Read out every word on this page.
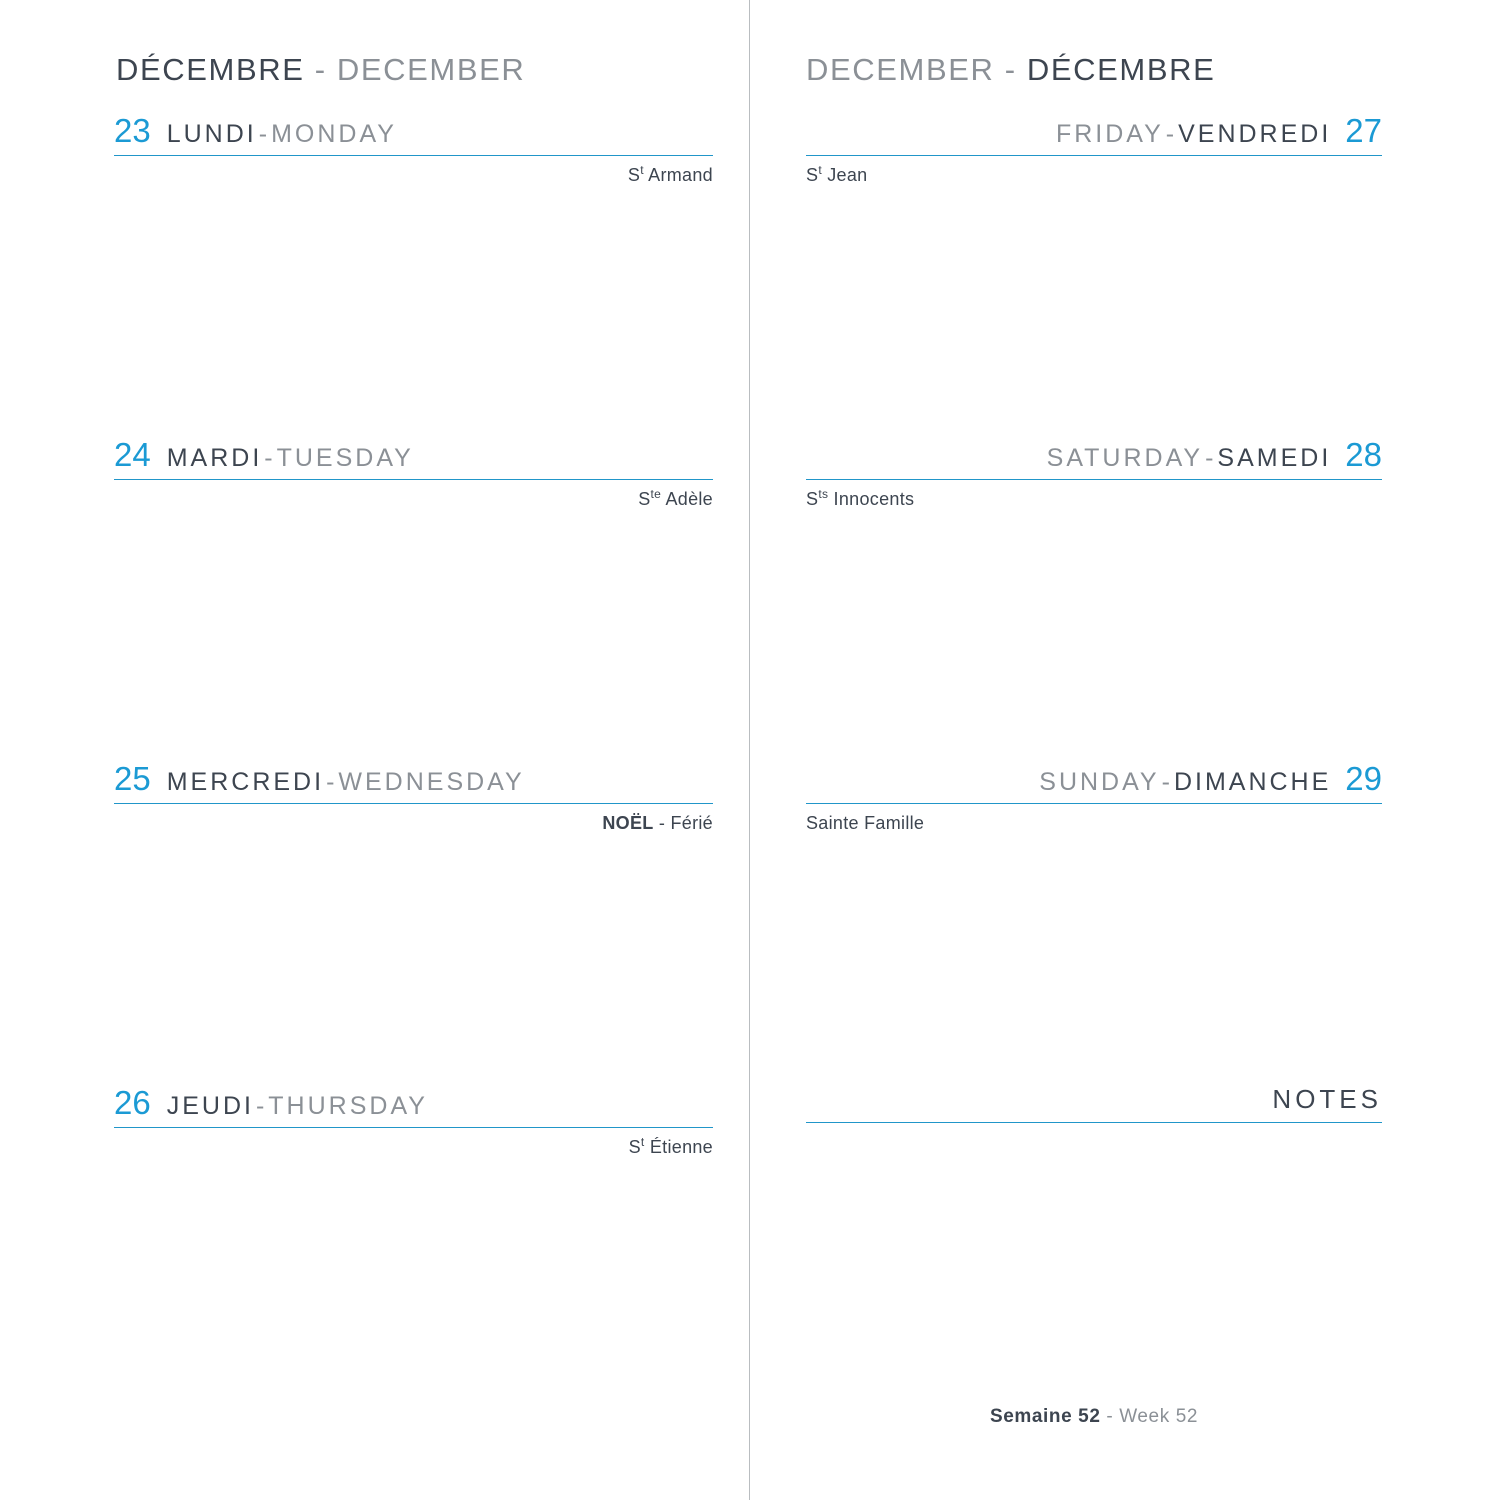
DÉCEMBRE - DECEMBER
23 LUNDI - MONDAY
$S^t$ Armand
24 MARDI - TUESDAY
$S^{te}$ Adèle
25 MERCREDI - WEDNESDAY
NOËL - Férié
26 JEUDI - THURSDAY
$S^t$ Étienne
DECEMBER - DÉCEMBRE
FRIDAY - VENDREDI 27
$S^t$ Jean
SATURDAY - SAMEDI 28
$S^{ts}$ Innocents
SUNDAY - DIMANCHE 29
Sainte Famille
NOTES
Semaine 52 - Week 52
